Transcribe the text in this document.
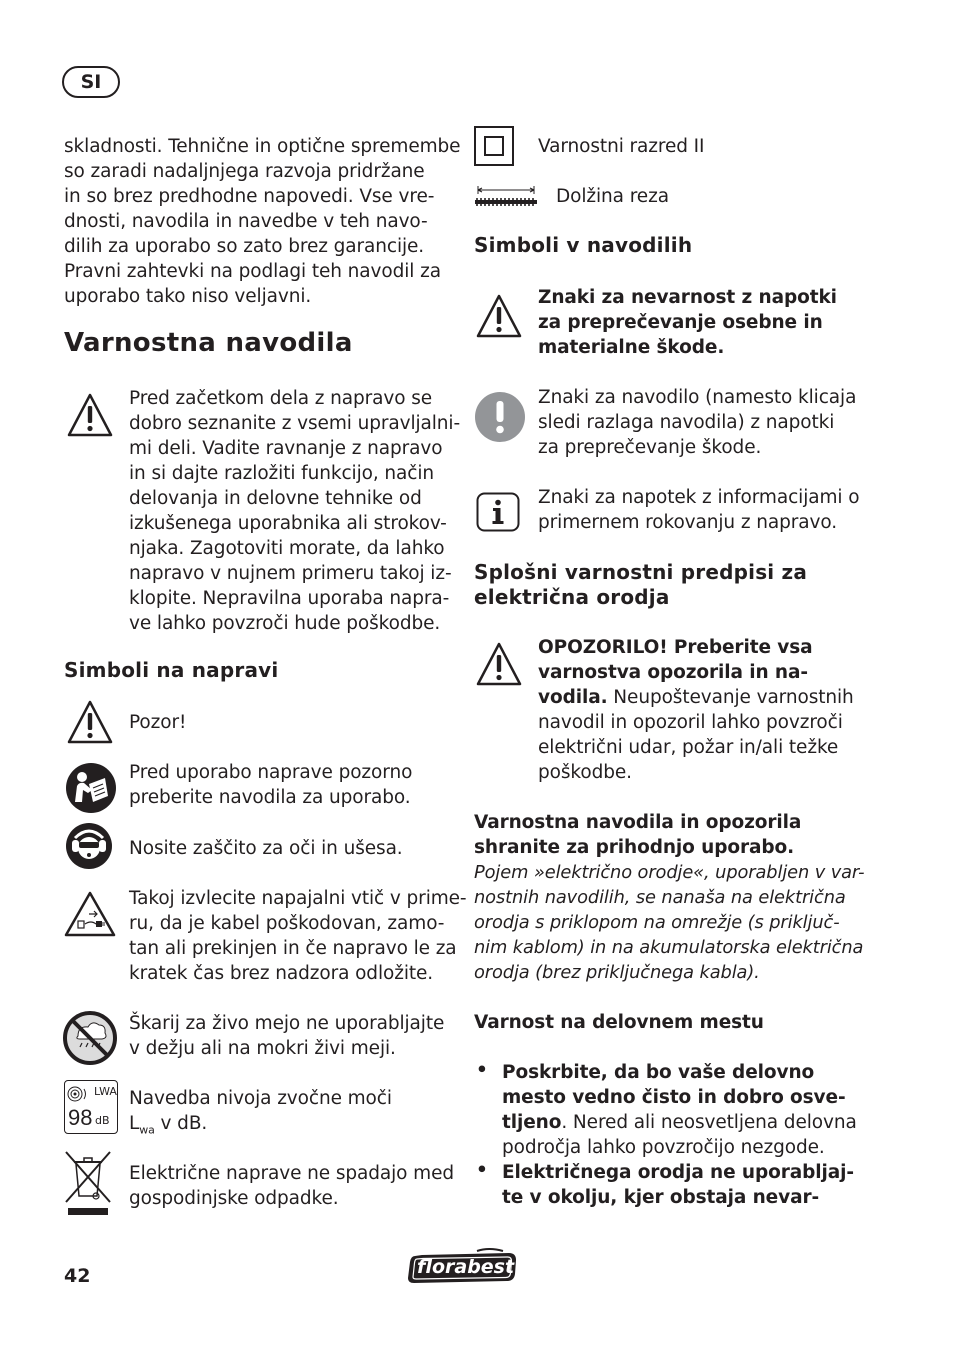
SI

skladnosti. Tehnične in optične spremembe

so zaradi nadaljnjega razvoja pridržane

in so brez predhodne napovedi. Vse vre-

dnosti, navodila in navedbe v teh navo-

dilih za uporabo so zato brez garancije.

Pravni zahtevki na podlagi teh navodil za

uporabo tako niso veljavni.

Varnostna navodila

Pred začetkom dela z napravo se

dobro seznanite z vsemi upravljalni-

mi deli. Vadite ravnanje z napravo

in si dajte razložiti funkcijo, način

delovanja in delovne tehnike od

izkušenega uporabnika ali strokov-

njaka. Zagotoviti morate, da lahko

napravo v nujnem primeru takoj iz-

klopite. Nepravilna uporaba napra-

ve lahko povzroči hude poškodbe.

Simboli na napravi

Pozor!

Pred uporabo naprave pozorno

preberite navodila za uporabo.

Nosite zaščito za oči in ušesa.

Takoj izvlecite napajalni vtič v prime-

ru, da je kabel poškodovan, zamo-

tan ali prekinjen in če napravo le za

kratek čas brez nadzora odložite.

Škarij za živo mejo ne uporabljajte

v dežju ali na mokri živi meji.

LWA
98 dB

Navedba nivoja zvočne moči

$L_{wa}$ v dB.

Električne naprave ne spadajo med

gospodinjske odpadke.

Varnostni razred II
Dolžina reza
Simboli v navodilih

Znaki za nevarnost z napotki

za preprečevanje osebne in

materialne škode.

Znaki za navodilo (namesto klicaja

sledi razlaga navodila) z napotki

za preprečevanje škode.

Znaki za napotek z informacijami o

primernem rokovanju z napravo.

Splošni varnostni predpisi za
električna orodja

OPOZORILO! Preberite vsa

varnostva opozorila in na-

vodila. Neupoštevanje varnostnih

navodil in opozoril lahko povzroči

električni udar, požar in/ali težke

poškodbe.

Varnostna navodila in opozorila

shranite za prihodnjo uporabo.

Pojem »električno orodje«, uporabljen v var-

nostnih navodilih, se nanaša na električna

orodja s priklopom na omrežje (s priključ-

nim kablom) in na akumulatorska električna

orodja (brez priključnega kabla).

Varnost na delovnem mestu
• Poskrbite, da bo vaše delovno

mesto vedno čisto in dobro osve-

tljeno. Nered ali neosvetljena delovna

področja lahko povzročijo nezgode.

• Električnega orodja ne uporabljaj-

te v okolju, kjer obstaja nevar-

42	florabest
